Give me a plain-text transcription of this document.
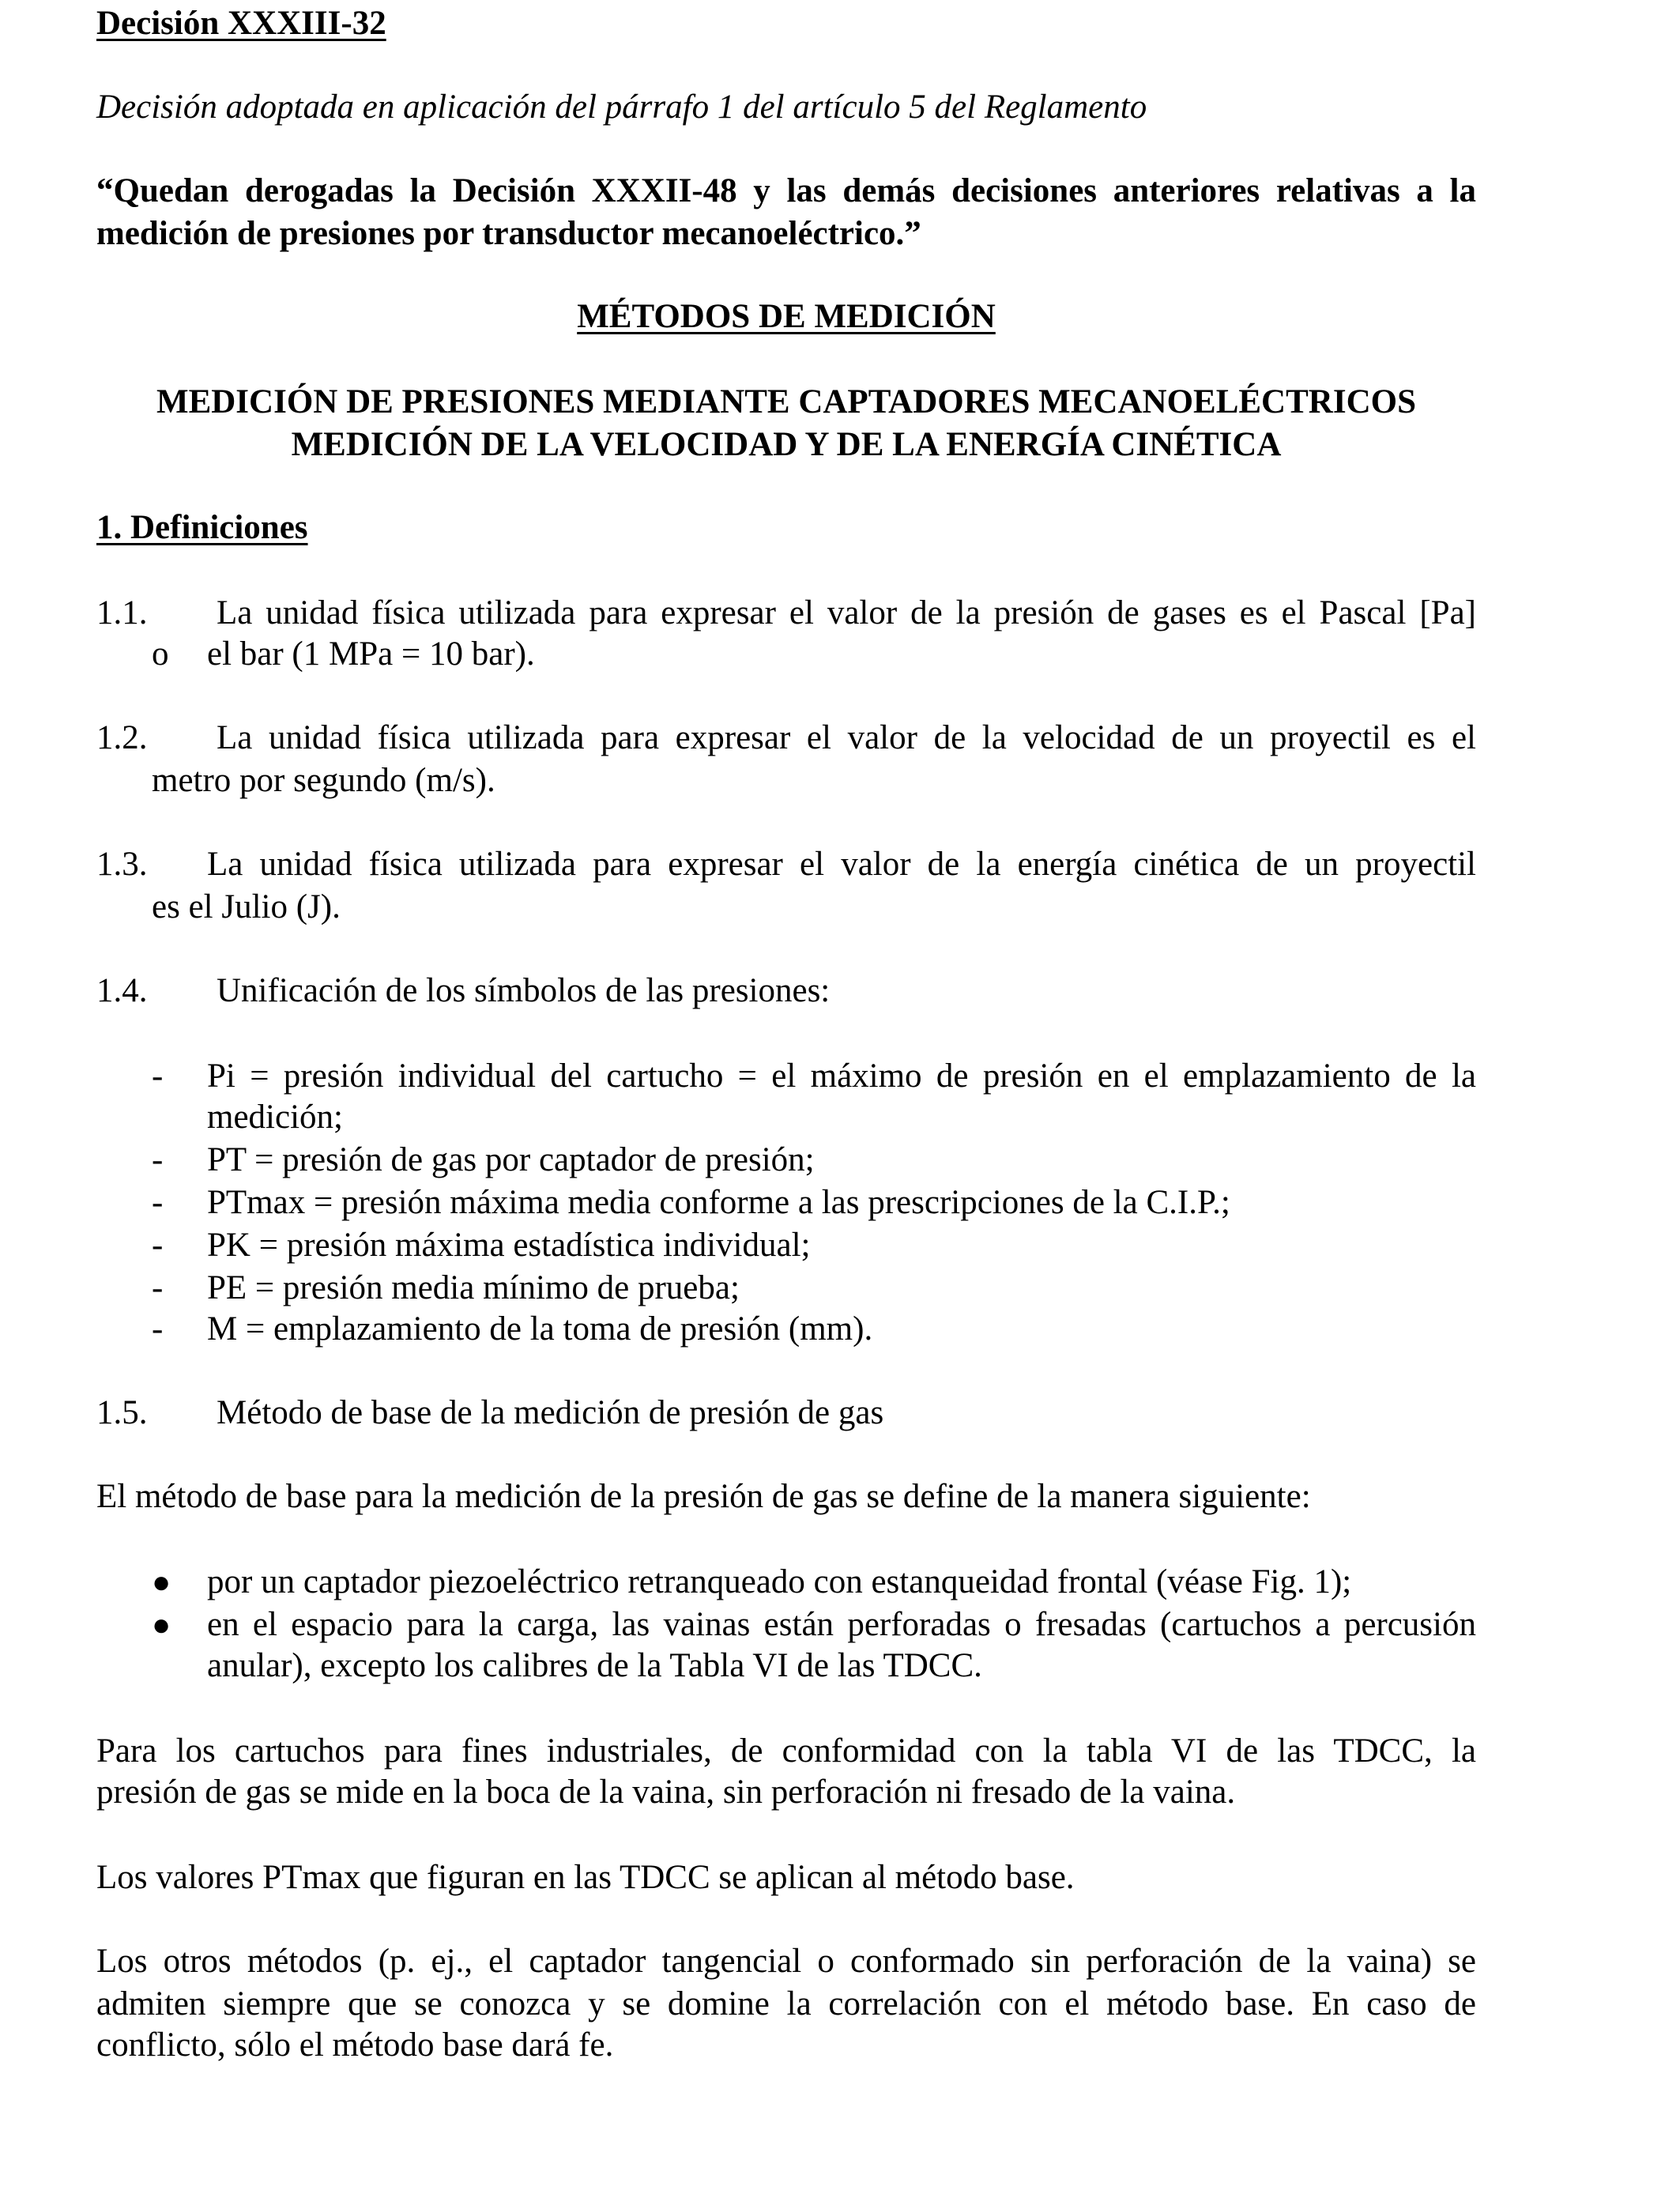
Decisión XXXIII-32
Decisión adoptada en aplicación del párrafo 1 del artículo 5 del Reglamento
“Quedan derogadas la Decisión XXXII-48 y las demás decisiones anteriores relativas a la
medición de presiones por transductor mecanoeléctrico.”
MÉTODOS DE MEDICIÓN
MEDICIÓN DE PRESIONES MEDIANTE CAPTADORES MECANOELÉCTRICOS
MEDICIÓN DE LA VELOCIDAD Y DE LA ENERGÍA CINÉTICA
1. Definiciones
1.1. La unidad física utilizada para expresar el valor de la presión de gases es el Pascal [Pa]
o el bar (1 MPa = 10 bar).
1.2. La unidad física utilizada para expresar el valor de la velocidad de un proyectil es el
metro por segundo (m/s).
1.3. La unidad física utilizada para expresar el valor de la energía cinética de un proyectil
es el Julio (J).
1.4. Unificación de los símbolos de las presiones:
- Pi = presión individual del cartucho = el máximo de presión en el emplazamiento de la
medición;
- PT = presión de gas por captador de presión;
- PTmax = presión máxima media conforme a las prescripciones de la C.I.P.;
- PK = presión máxima estadística individual;
- PE = presión media mínimo de prueba;
- M = emplazamiento de la toma de presión (mm).
1.5. Método de base de la medición de presión de gas
El método de base para la medición de la presión de gas se define de la manera siguiente:
● por un captador piezoeléctrico retranqueado con estanqueidad frontal (véase Fig. 1);
● en el espacio para la carga, las vainas están perforadas o fresadas (cartuchos a percusión
anular), excepto los calibres de la Tabla VI de las TDCC.
Para los cartuchos para fines industriales, de conformidad con la tabla VI de las TDCC, la
presión de gas se mide en la boca de la vaina, sin perforación ni fresado de la vaina.
Los valores PTmax que figuran en las TDCC se aplican al método base.
Los otros métodos (p. ej., el captador tangencial o conformado sin perforación de la vaina) se
admiten siempre que se conozca y se domine la correlación con el método base. En caso de
conflicto, sólo el método base dará fe.
